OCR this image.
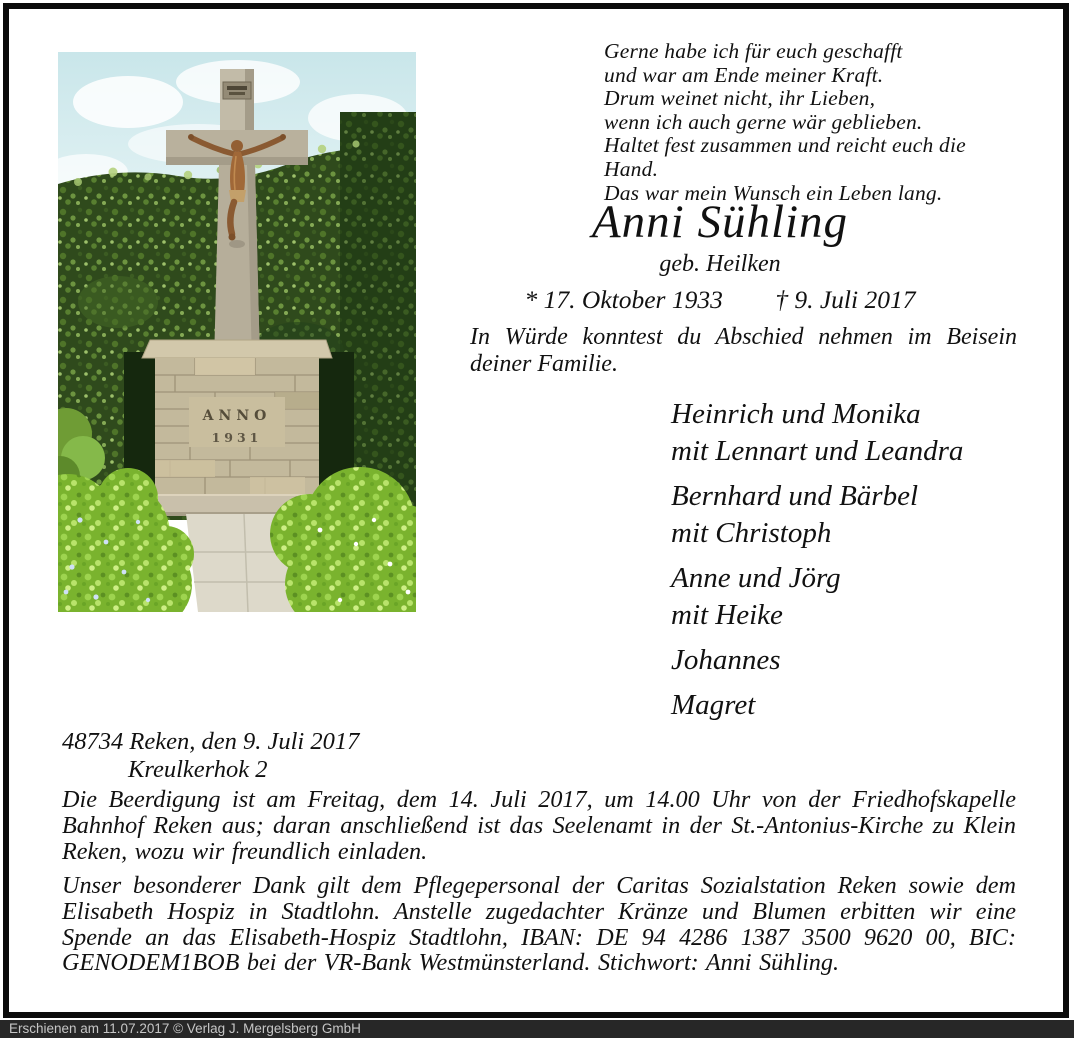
ANNO
1931
Gerne habe ich für euch geschafft
und war am Ende meiner Kraft.
Drum weinet nicht, ihr Lieben,
wenn ich auch gerne wär geblieben.
Haltet fest zusammen und reicht euch die Hand.
Das war mein Wunsch ein Leben lang.
Anni Sühling
geb. Heilken
* 17. Oktober 1933 † 9. Juli 2017

In Würde konntest du Abschied nehmen im Beisein deiner Familie.

Heinrich und Monika
mit Lennart und Leandra
Bernhard und Bärbel
mit Christoph
Anne und Jörg
mit Heike
Johannes
Magret
48734 Reken, den 9. Juli 2017
Kreulkerhok 2

Die Beerdigung ist am Freitag, dem 14. Juli 2017, um 14.00 Uhr von der Friedhofskapelle Bahnhof Reken aus; daran anschließend ist das Seelenamt in der St.-Antonius-Kirche zu Klein Reken, wozu wir freundlich einladen.

Unser besonderer Dank gilt dem Pflegepersonal der Caritas Sozialstation Reken sowie dem Elisabeth Hospiz in Stadtlohn. Anstelle zugedachter Kränze und Blumen erbitten wir eine Spende an das Elisabeth-Hospiz Stadtlohn, IBAN: DE 94 4286 1387 3500 9620 00, BIC: GENODEM1BOB bei der VR-Bank Westmünsterland. Stichwort: Anni Sühling.

Erschienen am 11.07.2017 © Verlag J. Mergelsberg GmbH
